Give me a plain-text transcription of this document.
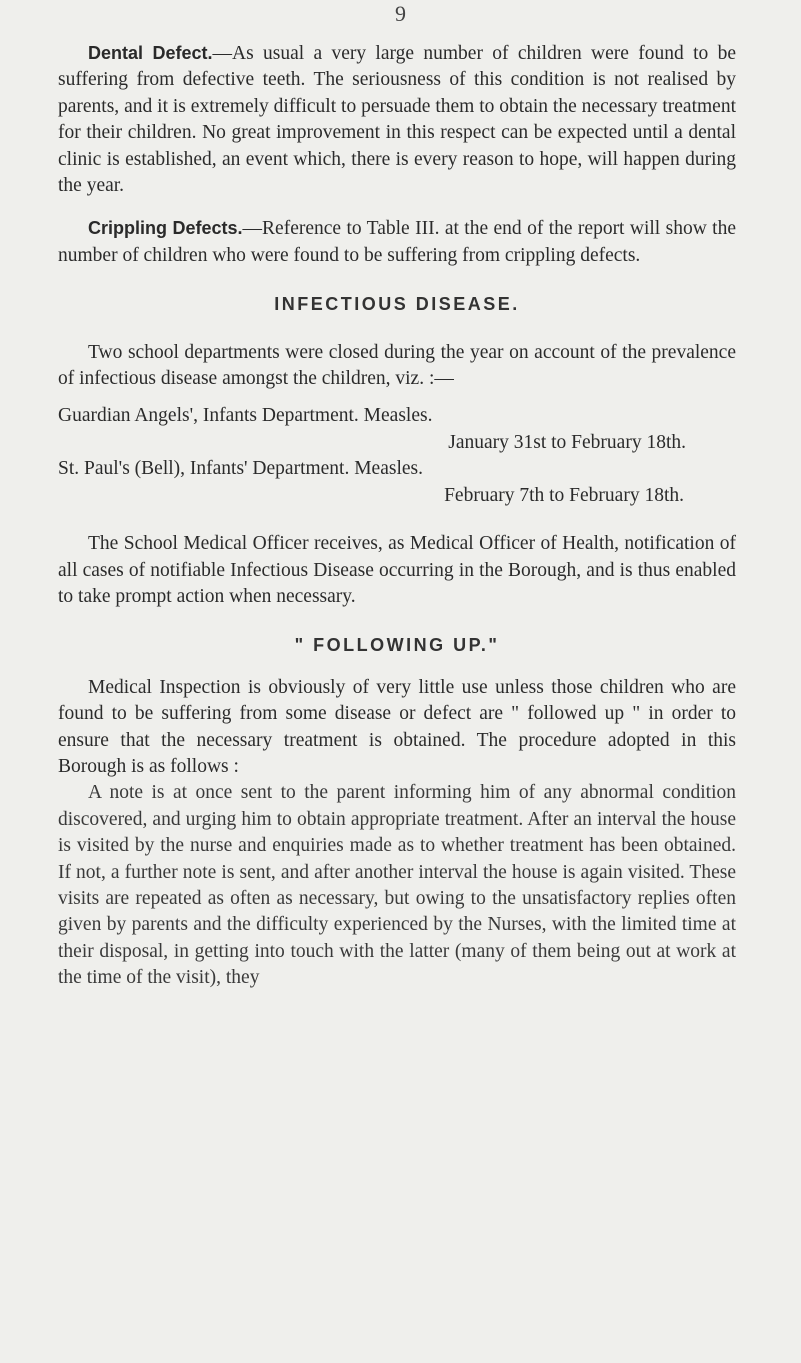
9

Dental Defect.—As usual a very large number of children were found to be suffering from defective teeth. The seriousness of this condition is not realised by parents, and it is extremely difficult to persuade them to obtain the necessary treatment for their children. No great improvement in this respect can be expected until a dental clinic is established, an event which, there is every reason to hope, will happen during the year.

Crippling Defects.—Reference to Table III. at the end of the report will show the number of children who were found to be suffering from crippling defects.

INFECTIOUS DISEASE.

Two school departments were closed during the year on account of the prevalence of infectious disease amongst the children, viz. :—

Guardian Angels', Infants Department. Measles.

January 31st to February 18th.

St. Paul's (Bell), Infants' Department. Measles.

February 7th to February 18th.

The School Medical Officer receives, as Medical Officer of Health, notification of all cases of notifiable Infectious Disease occurring in the Borough, and is thus enabled to take prompt action when necessary.

" FOLLOWING UP."

Medical Inspection is obviously of very little use unless those children who are found to be suffering from some disease or defect are " followed up " in order to ensure that the necessary treatment is obtained. The procedure adopted in this Borough is as follows :

A note is at once sent to the parent informing him of any abnormal condition discovered, and urging him to obtain appropriate treatment. After an interval the house is visited by the nurse and enquiries made as to whether treatment has been obtained. If not, a further note is sent, and after another interval the house is again visited. These visits are repeated as often as necessary, but owing to the unsatisfactory replies often given by parents and the difficulty experienced by the Nurses, with the limited time at their disposal, in getting into touch with the latter (many of them being out at work at the time of the visit), they
